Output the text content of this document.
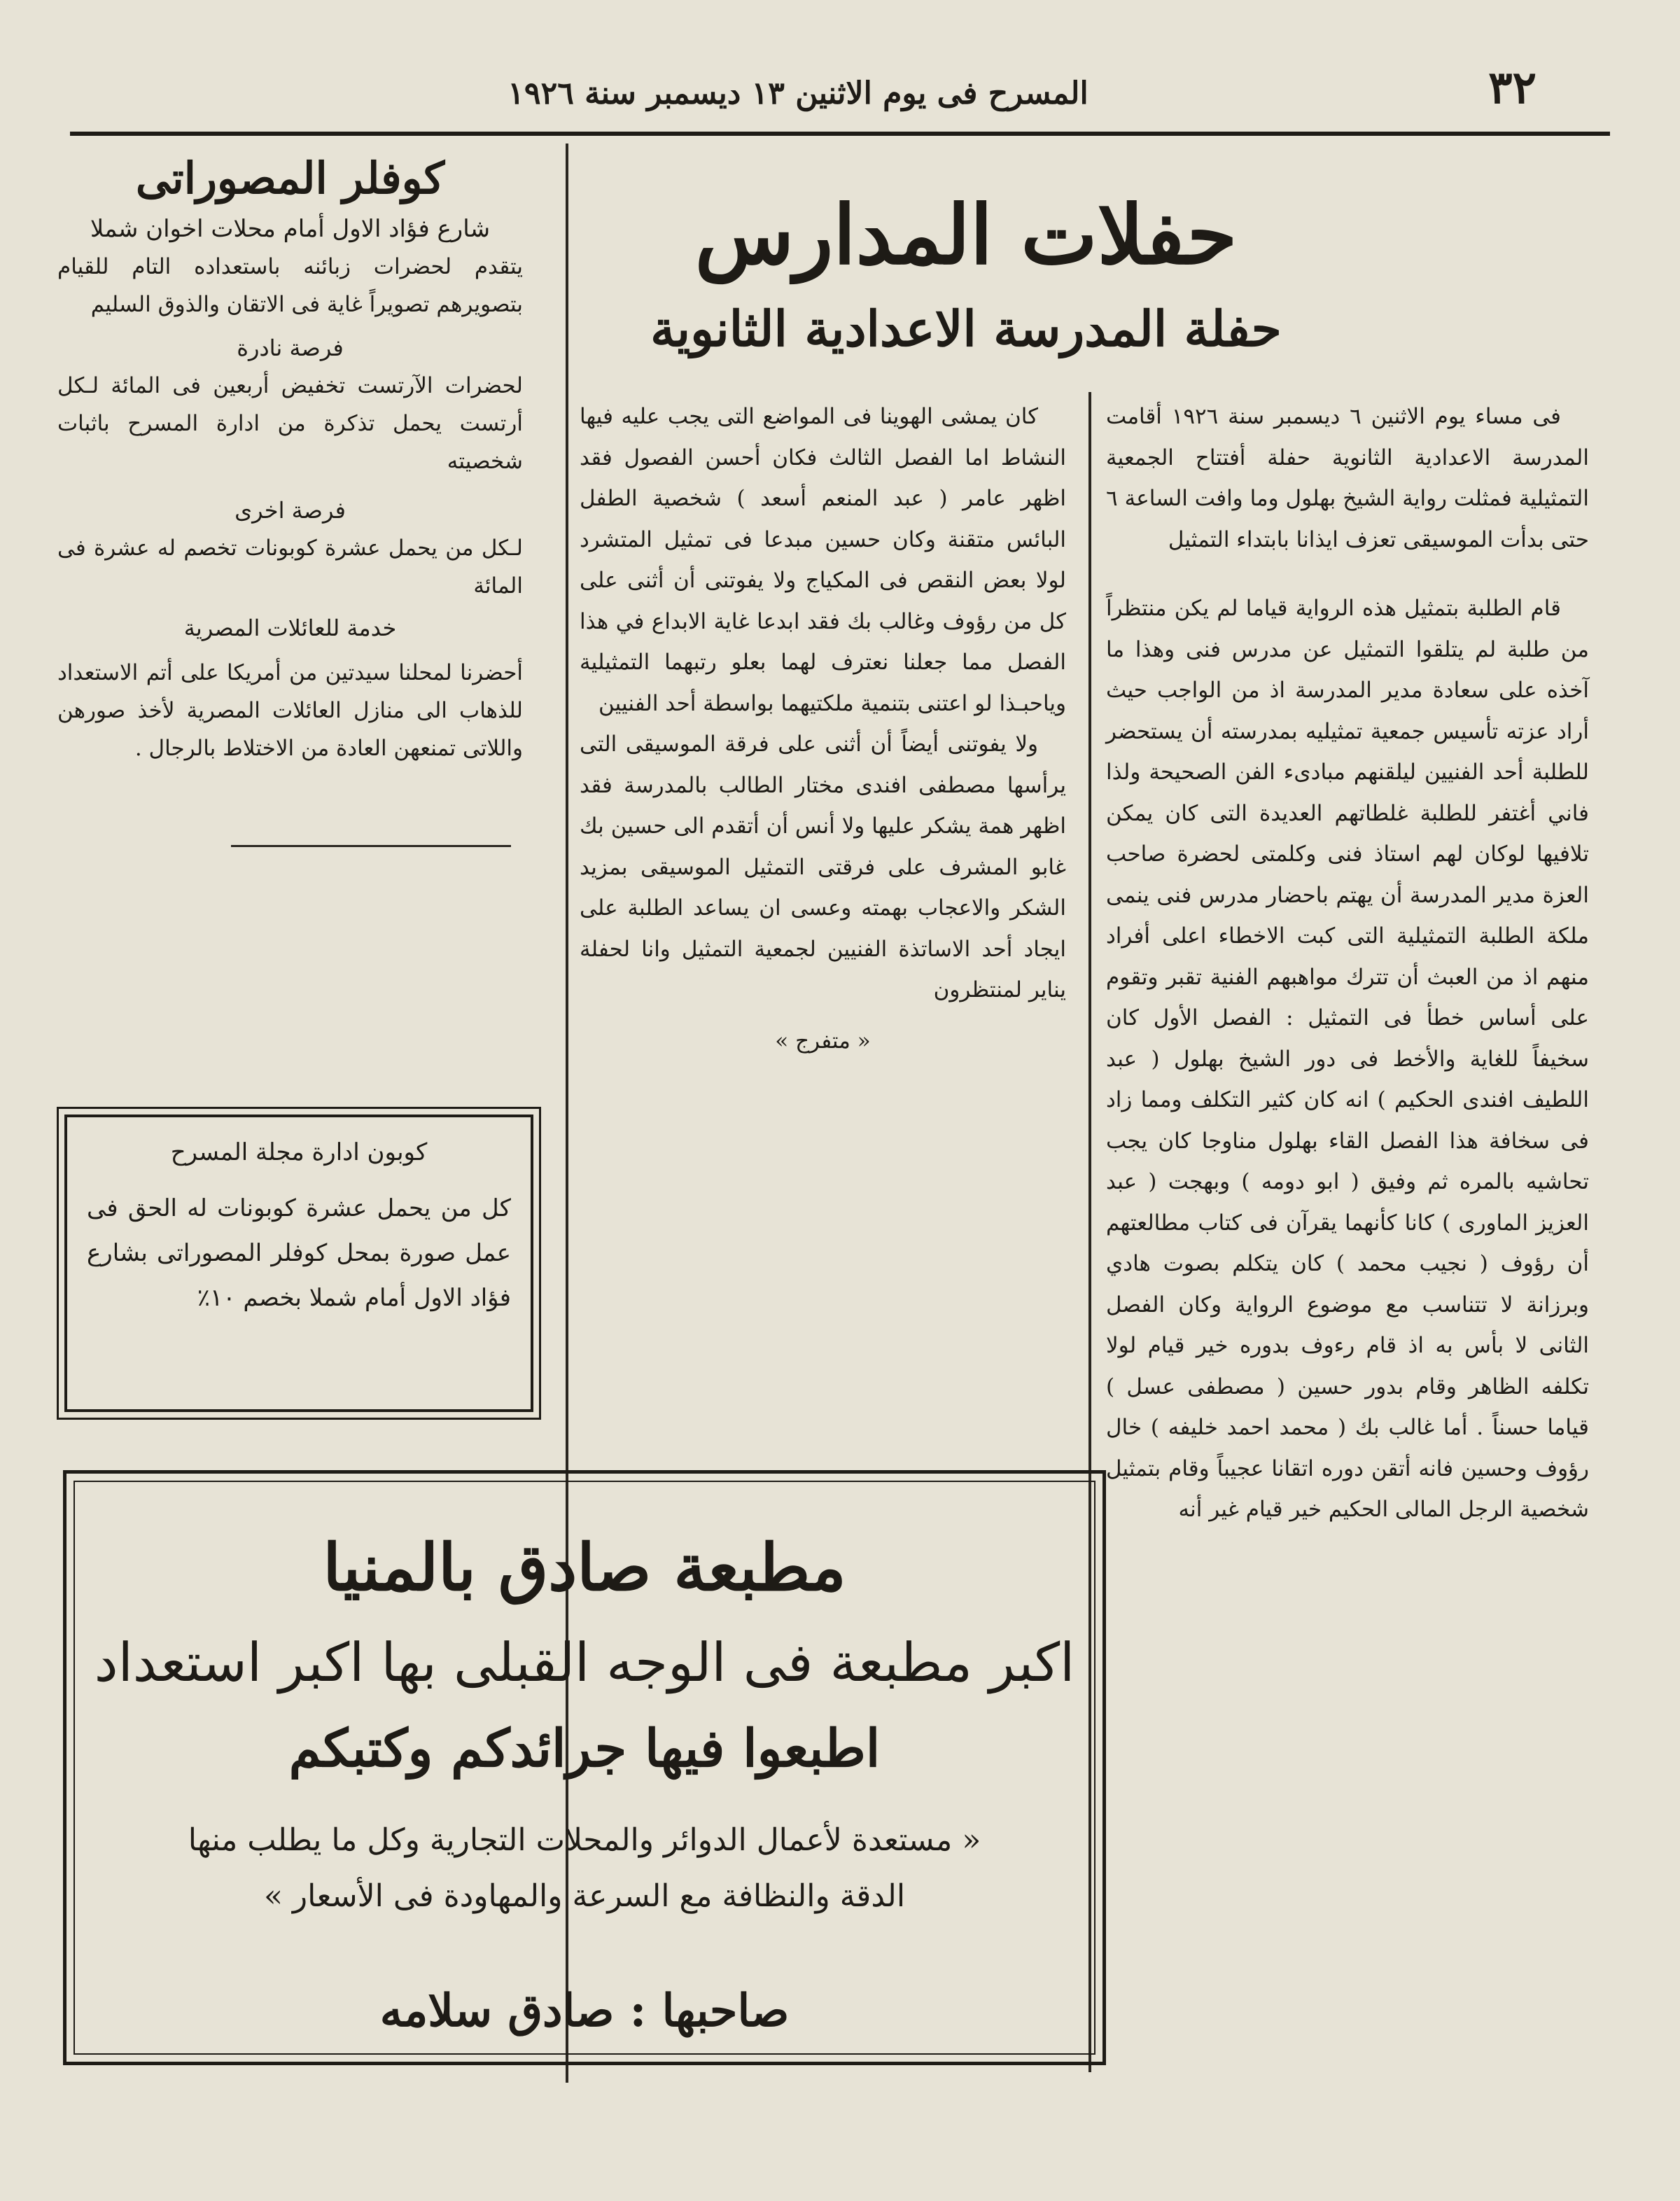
٣٢
المسرح فى يوم الاثنين ١٣ ديسمبر سنة ١٩٢٦
حفلات المدارس
حفلة المدرسة الاعدادية الثانوية

فى مساء يوم الاثنين ٦ ديسمبر سنة ١٩٢٦ أقامت المدرسة الاعدادية الثانوية حفلة أفتتاح الجمعية التمثيلية فمثلت رواية الشيخ بهلول وما وافت الساعة ٦ حتى بدأت الموسيقى تعزف ايذانا بابتداء التمثيل

قام الطلبة بتمثيل هذه الرواية قياما لم يكن منتظراً من طلبة لم يتلقوا التمثيل عن مدرس فنى وهذا ما آخذه على سعادة مدير المدرسة اذ من الواجب حيث أراد عزته تأسيس جمعية تمثيليه بمدرسته أن يستحضر للطلبة أحد الفنيين ليلقنهم مبادىء الفن الصحيحة ولذا فاني أغتفر للطلبة غلطاتهم العديدة التى كان يمكن تلافيها لوكان لهم استاذ فنى وكلمتى لحضرة صاحب العزة مدير المدرسة أن يهتم باحضار مدرس فنى ينمى ملكة الطلبة التمثيلية التى كبت الاخطاء اعلى أفراد منهم اذ من العبث أن تترك مواهبهم الفنية تقبر وتقوم على أساس خطأ فى التمثيل : الفصل الأول كان سخيفاً للغاية والأخط فى دور الشيخ بهلول ( عبد اللطيف افندى الحكيم ) انه كان كثير التكلف ومما زاد فى سخافة هذا الفصل القاء بهلول مناوجا كان يجب تحاشيه بالمره ثم وفيق ( ابو دومه ) وبهجت ( عبد العزيز الماورى ) كانا كأنهما يقرآن فى كتاب مطالعتهم أن رؤوف ( نجيب محمد ) كان يتكلم بصوت هادي وبرزانة لا تتناسب مع موضوع الرواية وكان الفصل الثانى لا بأس به اذ قام رءوف بدوره خير قيام لولا تكلفه الظاهر وقام بدور حسين ( مصطفى عسل ) قياما حسناً . أما غالب بك ( محمد احمد خليفه ) خال رؤوف وحسين فانه أتقن دوره اتقانا عجيباً وقام بتمثيل شخصية الرجل المالى الحكيم خير قيام غير أنه

كان يمشى الهوينا فى المواضع التى يجب عليه فيها النشاط اما الفصل الثالث فكان أحسن الفصول فقد اظهر عامر ( عبد المنعم أسعد ) شخصية الطفل البائس متقنة وكان حسين مبدعا فى تمثيل المتشرد لولا بعض النقص فى المكياج ولا يفوتنى أن أثنى على كل من رؤوف وغالب بك فقد ابدعا غاية الابداع في هذا الفصل مما جعلنا نعترف لهما بعلو رتبهما التمثيلية وياحبـذا لو اعتنى بتنمية ملكتيهما بواسطة أحد الفنيين

ولا يفوتنى أيضاً أن أثنى على فرقة الموسيقى التى يرأسها مصطفى افندى مختار الطالب بالمدرسة فقد اظهر همة يشكر عليها ولا أنس أن أتقدم الى حسين بك غابو المشرف على فرقتى التمثيل الموسيقى بمزيد الشكر والاعجاب بهمته وعسى ان يساعد الطلبة على ايجاد أحد الاساتذة الفنيين لجمعية التمثيل وانا لحفلة يناير لمنتظرون

« متفرج »

كوفلر المصوراتى

شارع فؤاد الاول أمام محلات اخوان شملا

يتقدم لحضرات زبائنه باستعداده التام للقيام بتصويرهم تصويراً غاية فى الاتقان والذوق السليم

فرصة نادرة

لحضرات الآرتست تخفيض أربعين فى المائة لـكل أرتست يحمل تذكرة من ادارة المسرح باثبات شخصيته

فرصة اخرى

لـكل من يحمل عشرة كوبونات تخصم له عشرة فى المائة

خدمة للعائلات المصرية

أحضرنا لمحلنا سيدتين من أمريكا على أتم الاستعداد للذهاب الى منازل العائلات المصرية لأخذ صورهن واللاتى تمنعهن العادة من الاختلاط بالرجال .

كوبون ادارة مجلة المسرح
كل من يحمل عشرة كوبونات له الحق فى عمل صورة بمحل كوفلر المصوراتى بشارع فؤاد الاول أمام شملا بخصم ١٠٪
مطبعة صادق بالمنيا
اكبر مطبعة فى الوجه القبلى بها اكبر استعداد
اطبعوا فيها جرائدكم وكتبكم
« مستعدة لأعمال الدوائر والمحلات التجارية وكل ما يطلب منها
الدقة والنظافة مع السرعة والمهاودة فى الأسعار »
صاحبها : صادق سلامه
